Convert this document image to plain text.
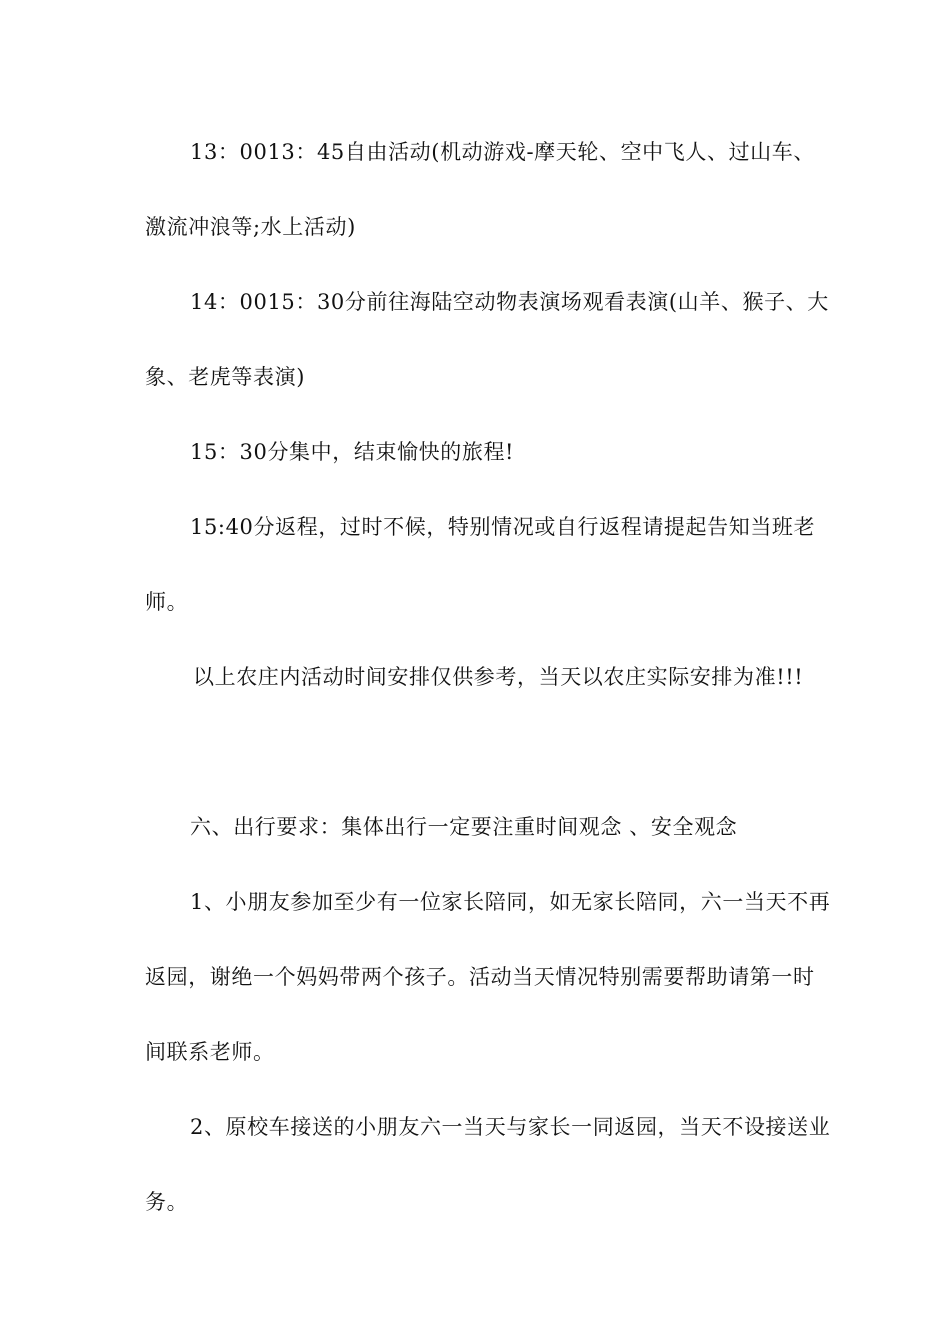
13：0013：45自由活动(机动游戏-摩天轮、空中飞人、过山车、激流冲浪等;水上活动)

14：0015：30分前往海陆空动物表演场观看表演(山羊、猴子、大象、老虎等表演)

15：30分集中，结束愉快的旅程!

15:40分返程，过时不候，特别情况或自行返程请提起告知当班老师。

以上农庄内活动时间安排仅供参考，当天以农庄实际安排为准!!!

六、出行要求：集体出行一定要注重时间观念 、安全观念

1、小朋友参加至少有一位家长陪同，如无家长陪同，六一当天不再返园，谢绝一个妈妈带两个孩子。活动当天情况特别需要帮助请第一时间联系老师。

2、原校车接送的小朋友六一当天与家长一同返园，当天不设接送业务。
